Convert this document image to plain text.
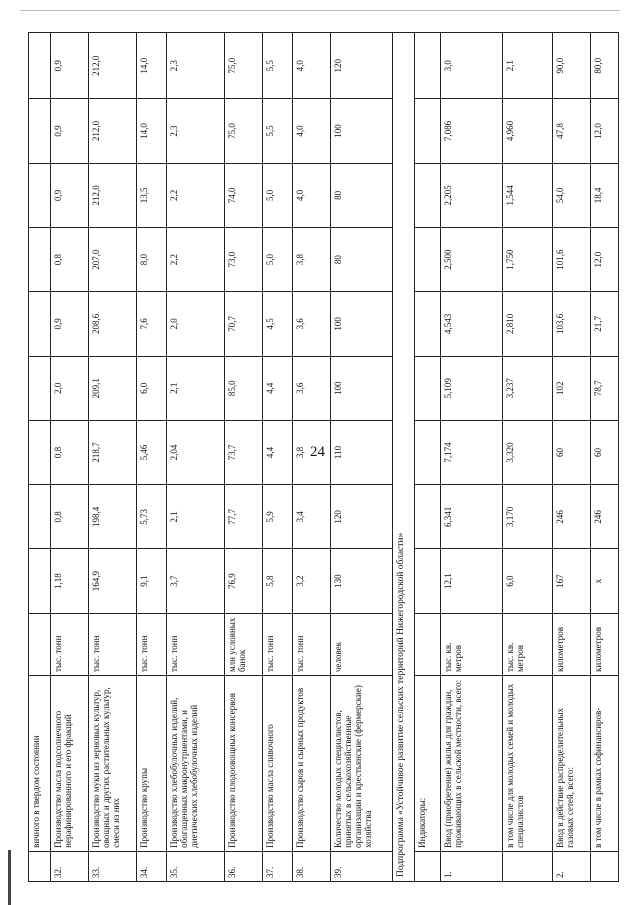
24
	вичного в твердом состоянии										
32.	Производство масла подсолнечного нерафинированного и его фракций	тыс. тонн	1,18	0,8	0,8	2,0	0,9	0,8	0,9	0,9	0,9
33.	Производство муки из зерновых культур, овощных и других растительных культур, смеси из них	тыс. тонн	164,9	198,4	218,7	209,1	208,6	207,0	212,0	212,0	212,0
34.	Производство крупы	тыс. тонн	9,1	5,73	5,46	6,0	7,6	8,0	13,5	14,0	14,0
35.	Производство хлебобулочных изделий, обогащенных микронутриентами, и диетических хлебобулочных изделий	тыс. тонн	3,7	2,1	2,04	2,1	2,0	2,2	2,2	2,3	2,3
36.	Производство плодоовощных консервов	млн условных банок	76,9	77,7	73,7	85,0	70,7	73,0	74,0	75,0	75,0
37.	Производство масла сливочного	тыс. тонн	5,8	5,9	4,4	4,4	4,5	5,0	5,0	5,5	5,5
38.	Производство сыров и сырных продуктов	тыс. тонн	3,2	3,4	3,8	3,6	3,6	3,8	4,0	4,0	4,0
39.	Количество молодых специалистов, принятых в сельскохозяйственные организации и крестьянские (фермерские) хозяйства	человек	130	120	110	100	100	80	80	100	120
Подпрограмма «Устойчивое развитие сельских территорий Нижегородской области»											
	Индикаторы:										
1.	Ввод (приобретение) жилья для граждан, проживающих в сельской местности, всего:	тыс. кв. метров	12,1	6,341	7,174	5,109	4,543	2,500	2,205	7,086	3,0
	в том числе для молодых семей и молодых специалистов	тыс. кв. метров	6,0	3,170	3,320	3,237	2,810	1,750	1,544	4,960	2,1
2.	Ввод в действие распределительных газовых сетей, всего:	километров	167	246	60	102	103,6	101,6	54,0	47,8	90,0
	в том числе в рамках софинансиров-	километров	х	246	60	78,7	21,7	12,0	18,4	12,0	80,0
